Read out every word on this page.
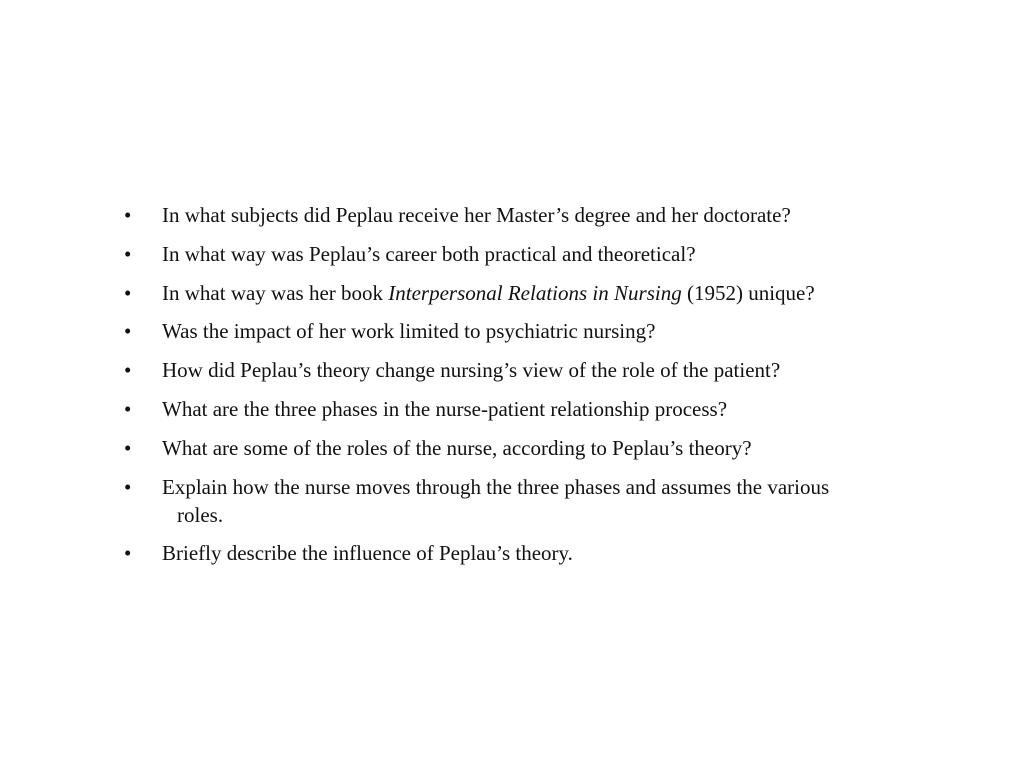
• In what subjects did Peplau receive her Master’s degree and her doctorate?
• In what way was Peplau’s career both practical and theoretical?
• In what way was her book Interpersonal Relations in Nursing (1952) unique?
• Was the impact of her work limited to psychiatric nursing?
• How did Peplau’s theory change nursing’s view of the role of the patient?
• What are the three phases in the nurse-patient relationship process?
• What are some of the roles of the nurse, according to Peplau’s theory?
• Explain how the nurse moves through the three phases and assumes the various roles.
• Briefly describe the influence of Peplau’s theory.
